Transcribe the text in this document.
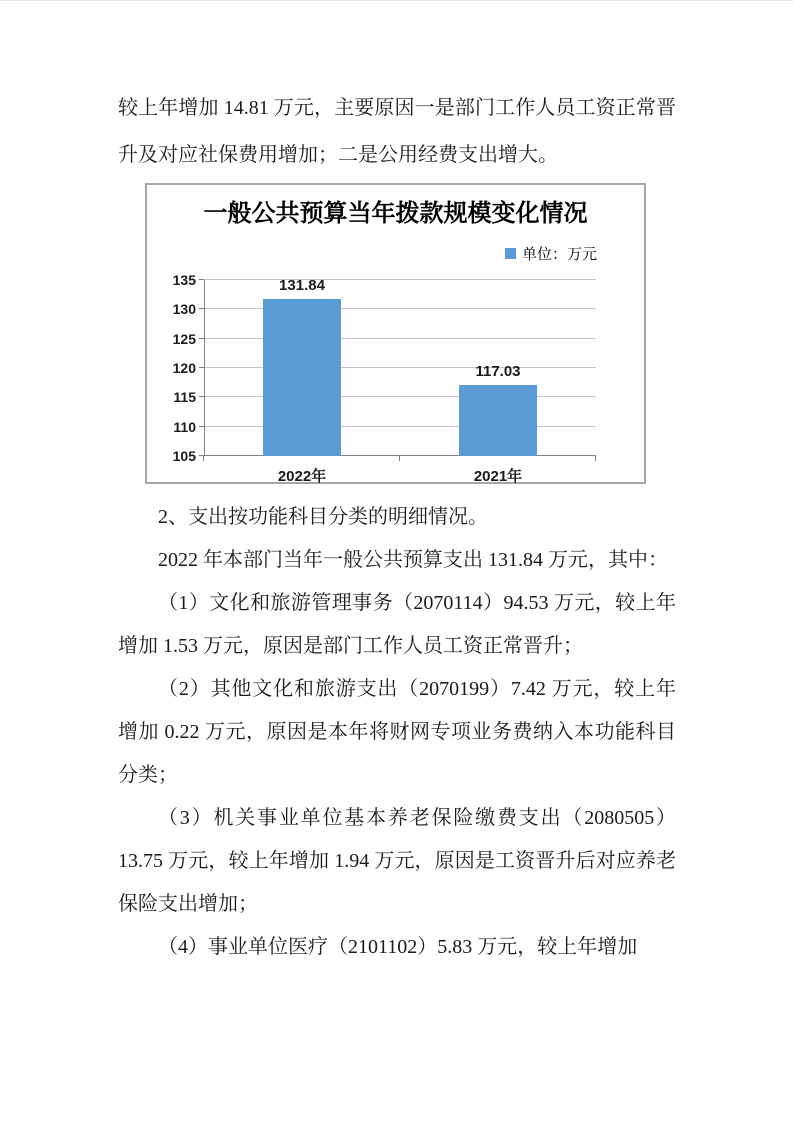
较上年增加 14.81 万元，主要原因一是部门工作人员工资正常晋升及对应社保费用增加；二是公用经费支出增大。

一般公共预算当年拨款规模变化情况
单位：万元
105
110
115
120
125
130
135	131.84
2022年
117.03
2021年

2、支出按功能科目分类的明细情况。

2022 年本部门当年一般公共预算支出 131.84 万元，其中：

（1）文化和旅游管理事务（2070114）94.53 万元，较上年增加 1.53 万元，原因是部门工作人员工资正常晋升；

（2）其他文化和旅游支出（2070199）7.42 万元，较上年增加 0.22 万元，原因是本年将财网专项业务费纳入本功能科目分类；

（3）机关事业单位基本养老保险缴费支出（2080505）13.75 万元，较上年增加 1.94 万元，原因是工资晋升后对应养老保险支出增加；

（4）事业单位医疗（2101102）5.83 万元，较上年增加
